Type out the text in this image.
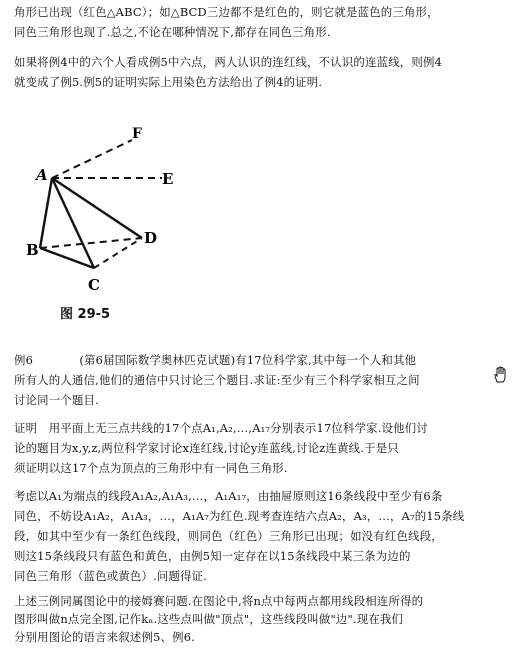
角形已出现（红色△ABC）；如△BCD三边都不是红色的，则它就是蓝色的三角形，
同色三角形也现了.总之,不论在哪种情况下,都存在同色三角形.
如果将例4中的六个人看成例5中六点，两人认识的连红线，不认识的连蓝线，则例4
就变成了例5.例5的证明实际上用染色方法给出了例4的证明.
F
A	E
B
D
C
图 29-5
例6　　　　(第6届国际数学奥林匹克试题)有17位科学家,其中每一个人和其他
所有人的人通信,他们的通信中只讨论三个题目.求证:至少有三个科学家相互之间
讨论同一个题目.
证明　用平面上无三点共线的17个点A₁,A₂,…,A₁₇分别表示17位科学家.设他们讨
论的题目为x,y,z,两位科学家讨论x连红线,讨论y连蓝线,讨论z连黄线.于是只
须证明以这17个点为顶点的三角形中有一同色三角形.
考虑以A₁为端点的线段A₁A₂,A₁A₃,…，A₁A₁₇，由抽屉原则这16条线段中至少有6条
同色，不妨设A₁A₂，A₁A₃，…，A₁A₇为红色.现考查连结六点A₂，A₃，…，A₇的15条线
段，如其中至少有一条红色线段，则同色（红色）三角形已出现；如没有红色线段，
则这15条线段只有蓝色和黄色，由例5知一定存在以15条线段中某三条为边的
同色三角形（蓝色或黄色）.问题得证.
上述三例同属图论中的接姆赛问题.在图论中,将n点中每两点都用线段相连所得的
图形叫做n点完全图,记作kₙ.这些点叫做"顶点"，这些线段叫做"边".现在我们
分别用图论的语言来叙述例5、例6.
